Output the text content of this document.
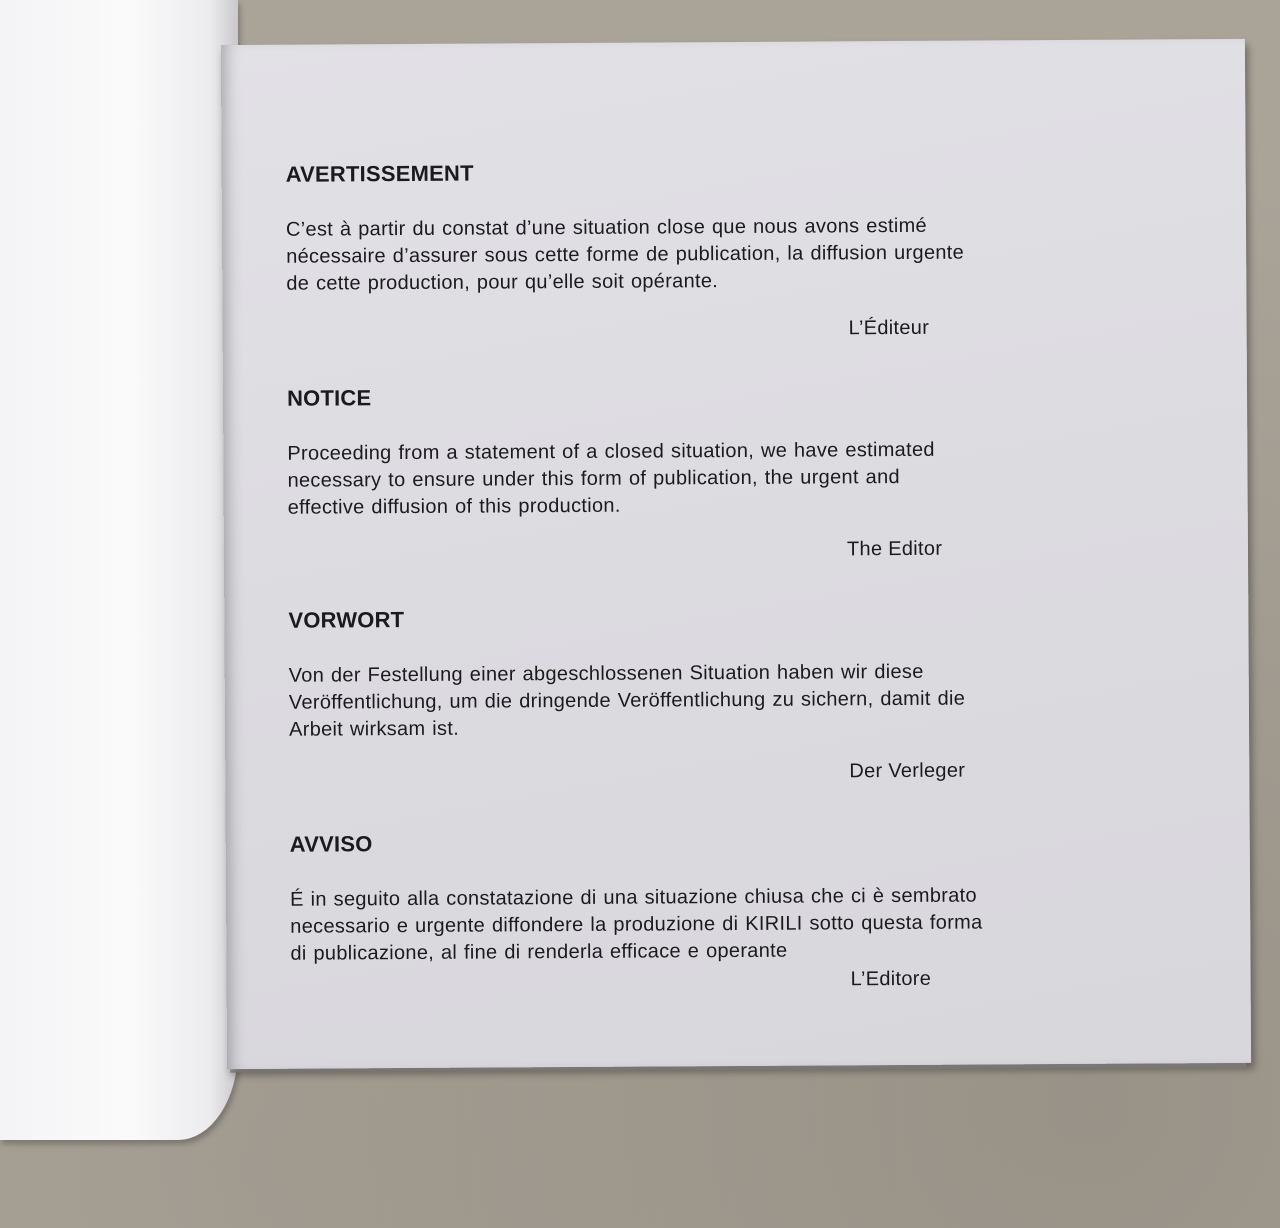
AVERTISSEMENT

C’est à partir du constat d’une situation close que nous avons estimé
nécessaire d’assurer sous cette forme de publication, la diffusion urgente
de cette production, pour qu’elle soit opérante.

L’Éditeur
NOTICE

Proceeding from a statement of a closed situation, we have estimated
necessary to ensure under this form of publication, the urgent and
effective diffusion of this production.

The Editor
VORWORT

Von der Festellung einer abgeschlossenen Situation haben wir diese
Veröffentlichung, um die dringende Veröffentlichung zu sichern, damit die
Arbeit wirksam ist.

Der Verleger
AVVISO

É in seguito alla constatazione di una situazione chiusa che ci è sembrato
necessario e urgente diffondere la produzione di KIRILI sotto questa forma
di publicazione, al fine di renderla efficace e operante

L’Editore
